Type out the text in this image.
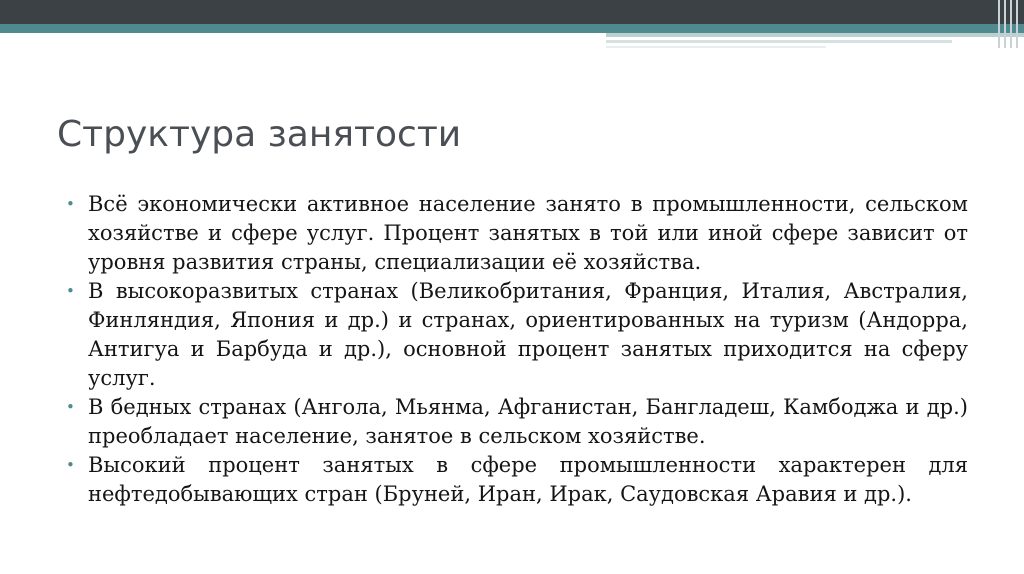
Структура занятости
• Всё экономически активное население занято в промышленности, сельском хозяйстве и сфере услуг. Процент занятых в той или иной сфере зависит от уровня развития страны, специализации её хозяйства.
• В высокоразвитых странах (Великобритания, Франция, Италия, Австралия, Финляндия, Япония и др.) и странах, ориентированных на туризм (Андорра, Антигуа и Барбуда и др.), основной процент занятых приходится на сферу услуг.
• В бедных странах (Ангола, Мьянма, Афганистан, Бангладеш, Камбоджа и др.) преобладает население, занятое в сельском хозяйстве.
• Высокий процент занятых в сфере промышленности характерен для нефтедобывающих стран (Бруней, Иран, Ирак, Саудовская Аравия и др.).
